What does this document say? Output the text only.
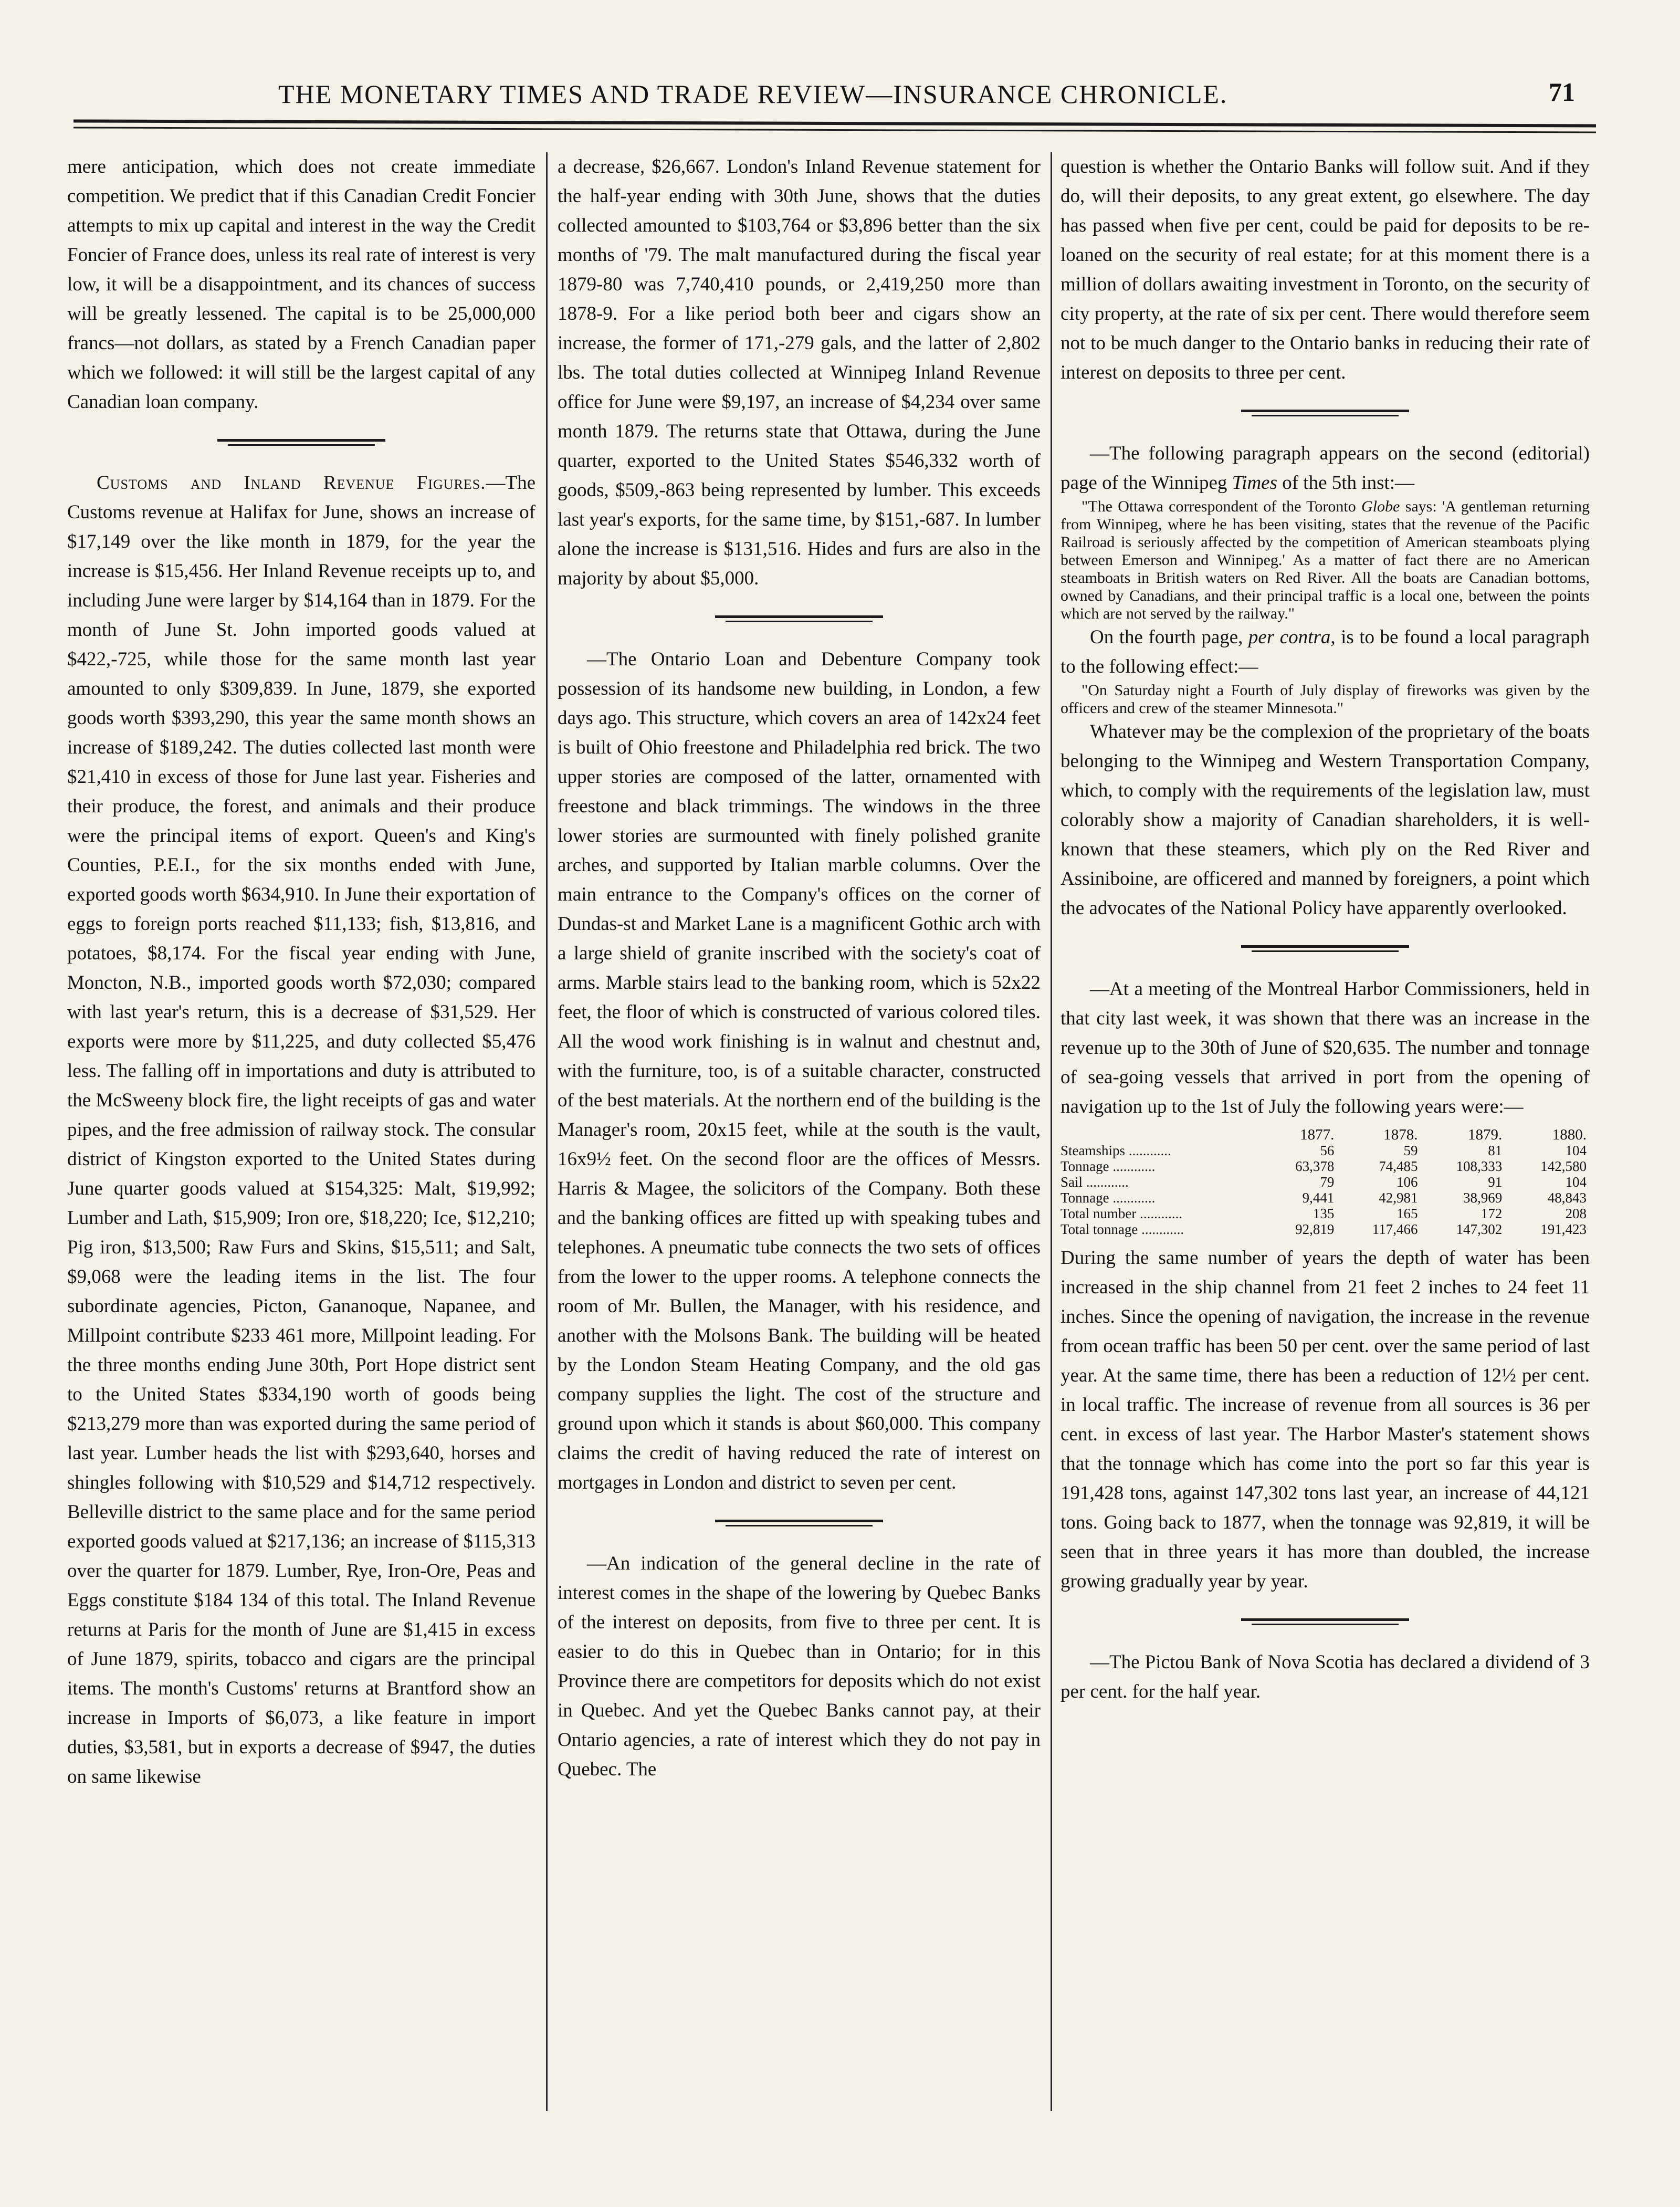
THE MONETARY TIMES AND TRADE REVIEW—INSURANCE CHRONICLE.	71

mere anticipation, which does not create immediate competition. We predict that if this Canadian Credit Foncier attempts to mix up capital and interest in the way the Credit Foncier of France does, unless its real rate of interest is very low, it will be a disappointment, and its chances of success will be greatly lessened. The capital is to be 25,000,000 francs—not dollars, as stated by a French Canadian paper which we followed: it will still be the largest capital of any Canadian loan company.

Customs and Inland Revenue Figures.—The Customs revenue at Halifax for June, shows an increase of $17,149 over the like month in 1879, for the year the increase is $15,456. Her Inland Revenue receipts up to, and including June were larger by $14,164 than in 1879. For the month of June St. John imported goods valued at $422,-725, while those for the same month last year amounted to only $309,839. In June, 1879, she exported goods worth $393,290, this year the same month shows an increase of $189,242. The duties collected last month were $21,410 in excess of those for June last year. Fisheries and their produce, the forest, and animals and their produce were the principal items of export. Queen's and King's Counties, P.E.I., for the six months ended with June, exported goods worth $634,910. In June their exportation of eggs to foreign ports reached $11,133; fish, $13,816, and potatoes, $8,174. For the fiscal year ending with June, Moncton, N.B., imported goods worth $72,030; compared with last year's return, this is a decrease of $31,529. Her exports were more by $11,225, and duty collected $5,476 less. The falling off in importations and duty is attributed to the McSweeny block fire, the light receipts of gas and water pipes, and the free admission of railway stock. The consular district of Kingston exported to the United States during June quarter goods valued at $154,325: Malt, $19,992; Lumber and Lath, $15,909; Iron ore, $18,220; Ice, $12,210; Pig iron, $13,500; Raw Furs and Skins, $15,511; and Salt, $9,068 were the leading items in the list. The four subordinate agencies, Picton, Gananoque, Napanee, and Millpoint contribute $233 461 more, Millpoint leading. For the three months ending June 30th, Port Hope district sent to the United States $334,190 worth of goods being $213,279 more than was exported during the same period of last year. Lumber heads the list with $293,640, horses and shingles following with $10,529 and $14,712 respectively. Belleville district to the same place and for the same period exported goods valued at $217,136; an increase of $115,313 over the quarter for 1879. Lumber, Rye, Iron-Ore, Peas and Eggs constitute $184 134 of this total. The Inland Revenue returns at Paris for the month of June are $1,415 in excess of June 1879, spirits, tobacco and cigars are the principal items. The month's Customs' returns at Brantford show an increase in Imports of $6,073, a like feature in import duties, $3,581, but in exports a decrease of $947, the duties on same likewise

a decrease, $26,667. London's Inland Revenue statement for the half-year ending with 30th June, shows that the duties collected amounted to $103,764 or $3,896 better than the six months of '79. The malt manufactured during the fiscal year 1879-80 was 7,740,410 pounds, or 2,419,250 more than 1878-9. For a like period both beer and cigars show an increase, the former of 171,-279 gals, and the latter of 2,802 lbs. The total duties collected at Winnipeg Inland Revenue office for June were $9,197, an increase of $4,234 over same month 1879. The returns state that Ottawa, during the June quarter, exported to the United States $546,332 worth of goods, $509,-863 being represented by lumber. This exceeds last year's exports, for the same time, by $151,-687. In lumber alone the increase is $131,516. Hides and furs are also in the majority by about $5,000.

—The Ontario Loan and Debenture Company took possession of its handsome new building, in London, a few days ago. This structure, which covers an area of 142x24 feet is built of Ohio freestone and Philadelphia red brick. The two upper stories are composed of the latter, ornamented with freestone and black trimmings. The windows in the three lower stories are surmounted with finely polished granite arches, and supported by Italian marble columns. Over the main entrance to the Company's offices on the corner of Dundas-st and Market Lane is a magnificent Gothic arch with a large shield of granite inscribed with the society's coat of arms. Marble stairs lead to the banking room, which is 52x22 feet, the floor of which is constructed of various colored tiles. All the wood work finishing is in walnut and chestnut and, with the furniture, too, is of a suitable character, constructed of the best materials. At the northern end of the building is the Manager's room, 20x15 feet, while at the south is the vault, 16x9½ feet. On the second floor are the offices of Messrs. Harris & Magee, the solicitors of the Company. Both these and the banking offices are fitted up with speaking tubes and telephones. A pneumatic tube connects the two sets of offices from the lower to the upper rooms. A telephone connects the room of Mr. Bullen, the Manager, with his residence, and another with the Molsons Bank. The building will be heated by the London Steam Heating Company, and the old gas company supplies the light. The cost of the structure and ground upon which it stands is about $60,000. This company claims the credit of having reduced the rate of interest on mortgages in London and district to seven per cent.

—An indication of the general decline in the rate of interest comes in the shape of the lowering by Quebec Banks of the interest on deposits, from five to three per cent. It is easier to do this in Quebec than in Ontario; for in this Province there are competitors for deposits which do not exist in Quebec. And yet the Quebec Banks cannot pay, at their Ontario agencies, a rate of interest which they do not pay in Quebec. The

question is whether the Ontario Banks will follow suit. And if they do, will their deposits, to any great extent, go elsewhere. The day has passed when five per cent, could be paid for deposits to be re-loaned on the security of real estate; for at this moment there is a million of dollars awaiting investment in Toronto, on the security of city property, at the rate of six per cent. There would therefore seem not to be much danger to the Ontario banks in reducing their rate of interest on deposits to three per cent.

—The following paragraph appears on the second (editorial) page of the Winnipeg Times of the 5th inst:—

"The Ottawa correspondent of the Toronto Globe says: 'A gentleman returning from Winnipeg, where he has been visiting, states that the revenue of the Pacific Railroad is seriously affected by the competition of American steamboats plying between Emerson and Winnipeg.' As a matter of fact there are no American steamboats in British waters on Red River. All the boats are Canadian bottoms, owned by Canadians, and their principal traffic is a local one, between the points which are not served by the railway."

On the fourth page, per contra, is to be found a local paragraph to the following effect:—

"On Saturday night a Fourth of July display of fireworks was given by the officers and crew of the steamer Minnesota."

Whatever may be the complexion of the proprietary of the boats belonging to the Winnipeg and Western Transportation Company, which, to comply with the requirements of the legislation law, must colorably show a majority of Canadian shareholders, it is well-known that these steamers, which ply on the Red River and Assiniboine, are officered and manned by foreigners, a point which the advocates of the National Policy have apparently overlooked.

—At a meeting of the Montreal Harbor Commissioners, held in that city last week, it was shown that there was an increase in the revenue up to the 30th of June of $20,635. The number and tonnage of sea-going vessels that arrived in port from the opening of navigation up to the 1st of July the following years were:—

	1877.	1878.	1879.	1880.
Steamships .....	56	59	81	104
Tonnage .....	63,378	74,485	108,333	142,580
Sail .....	79	106	91	104
Tonnage .....	9,441	42,981	38,969	48,843
Total number .....	135	165	172	208
Total tonnage .....	92,819	117,466	147,302	191,423

During the same number of years the depth of water has been increased in the ship channel from 21 feet 2 inches to 24 feet 11 inches. Since the opening of navigation, the increase in the revenue from ocean traffic has been 50 per cent. over the same period of last year. At the same time, there has been a reduction of 12½ per cent. in local traffic. The increase of revenue from all sources is 36 per cent. in excess of last year. The Harbor Master's statement shows that the tonnage which has come into the port so far this year is 191,428 tons, against 147,302 tons last year, an increase of 44,121 tons. Going back to 1877, when the tonnage was 92,819, it will be seen that in three years it has more than doubled, the increase growing gradually year by year.

—The Pictou Bank of Nova Scotia has declared a dividend of 3 per cent. for the half year.
